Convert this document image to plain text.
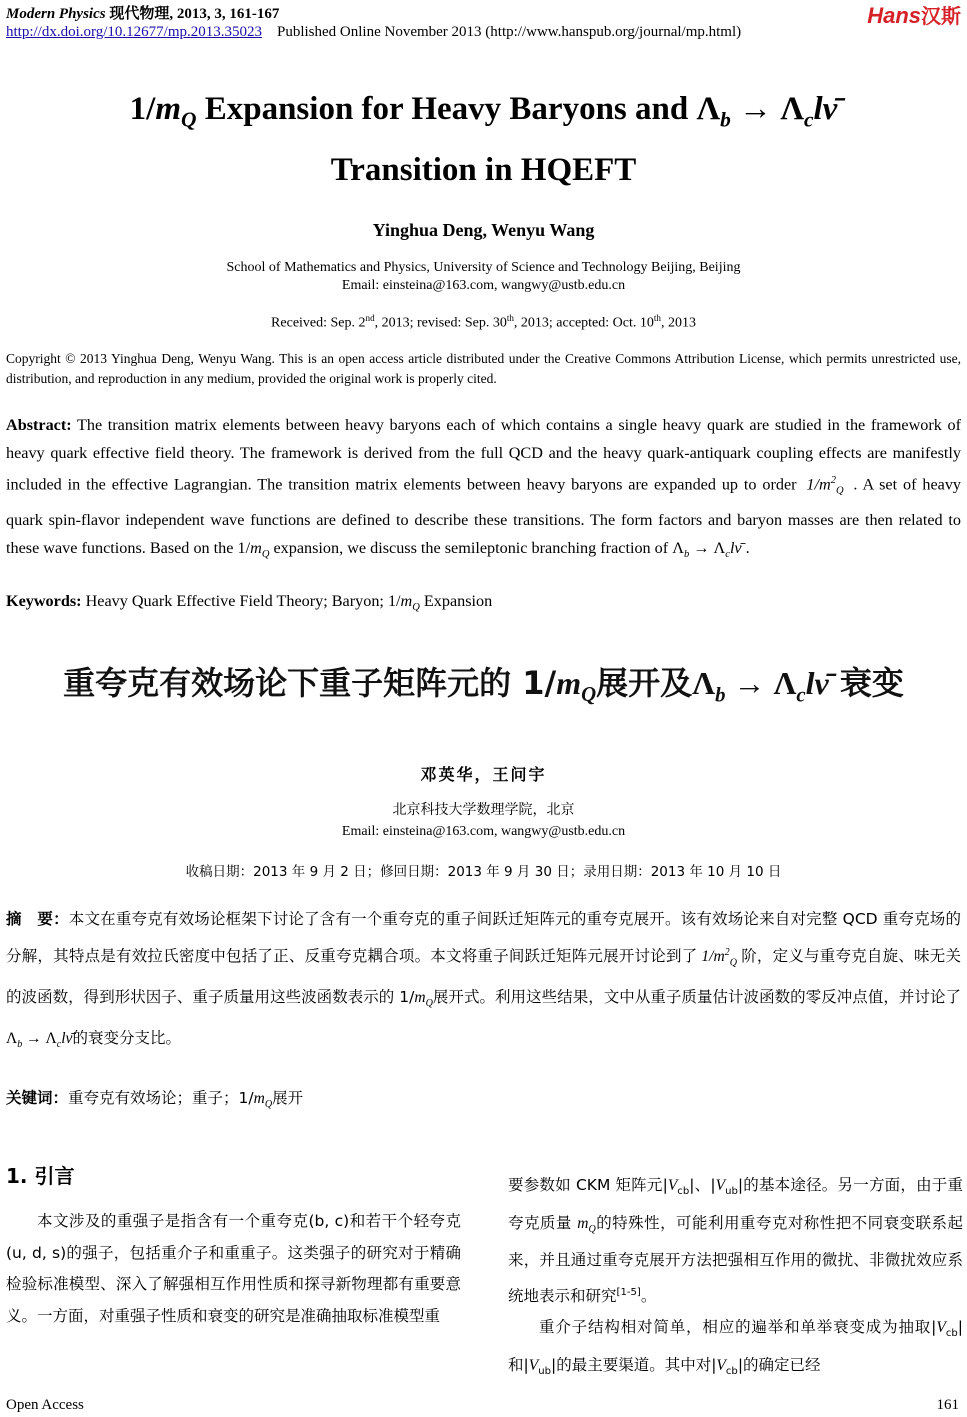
Modern Physics 现代物理, 2013, 3, 161-167	Hans汉斯
http://dx.doi.org/10.12677/mp.2013.35023 Published Online November 2013 (http://www.hanspub.org/journal/mp.html)
$1/m_Q$ Expansion for Heavy Baryons and $\Lambda_b$ → $\Lambda_cl\nū$
Transition in HQEFT
Yinghua Deng, Wenyu Wang
School of Mathematics and Physics, University of Science and Technology Beijing, Beijing
Email: einsteina@163.com, wangwy@ustb.edu.cn
Received: Sep. 2nd, 2013; revised: Sep. 30th, 2013; accepted: Oct. 10th, 2013
Copyright © 2013 Yinghua Deng, Wenyu Wang. This is an open access article distributed under the Creative Commons Attribution License, which permits unrestricted use, distribution, and reproduction in any medium, provided the original work is properly cited.
Abstract: The transition matrix elements between heavy baryons each of which contains a single heavy quark are studied in the framework of heavy quark effective field theory. The framework is derived from the full QCD and the heavy quark-antiquark coupling effects are manifestly included in the effective Lagrangian. The transition matrix elements between heavy baryons are expanded up to order $1/m^2_Q$ . A set of heavy quark spin-flavor independent wave functions are defined to describe these transitions. The form factors and baryon masses are then related to these wave functions. Based on the $1/m_Q$ expansion, we discuss the semileptonic branching fraction of $\Lambda_b$ → $\Lambda_cl\nū$ .
Keywords: Heavy Quark Effective Field Theory; Baryon; $1/m_Q$ Expansion
重夸克有效场论下重子矩阵元的 $1/m_Q$展开及$\Lambda_b$ → $\Lambda_cl\nū$ 衰变
邓英华，王问宇
北京科技大学数理学院，北京
Email: einsteina@163.com, wangwy@ustb.edu.cn
收稿日期：2013 年 9 月 2 日；修回日期：2013 年 9 月 30 日；录用日期：2013 年 10 月 10 日
摘　要：本文在重夸克有效场论框架下讨论了含有一个重夸克的重子间跃迁矩阵元的重夸克展开。该有效场论来自对完整 QCD 重夸克场的分解，其特点是有效拉氏密度中包括了正、反重夸克耦合项。本文将重子间跃迁矩阵元展开讨论到了 $1/m^2_Q$ 阶，定义与重夸克自旋、味无关的波函数，得到形状因子、重子质量用这些波函数表示的 $1/m_Q$展开式。利用这些结果，文中从重子质量估计波函数的零反冲点值，并讨论了$\Lambda_b$ → $\Lambda_cl\nū$的衰变分支比。
关键词：重夸克有效场论；重子；$1/m_Q$展开
1. 引言
本文涉及的重强子是指含有一个重夸克(b, c)和若干个轻夸克(u, d, s)的强子，包括重介子和重重子。这类强子的研究对于精确检验标准模型、深入了解强相互作用性质和探寻新物理都有重要意义。一方面，对重强子性质和衰变的研究是准确抽取标准模型重
要参数如 CKM 矩阵元$|V_{cb}|$、$|V_{ub}|$的基本途径。另一方面，由于重夸克质量 $m_Q$的特殊性，可能利用重夸克对称性把不同衰变联系起来，并且通过重夸克展开方法把强相互作用的微扰、非微扰效应系统地表示和研究[1-5]。
重介子结构相对简单，相应的遍举和单举衰变成为抽取$|V_{cb}|$和$|V_{ub}|$的最主要渠道。其中对$|V_{cb}|$的确定已经
Open Access	161
